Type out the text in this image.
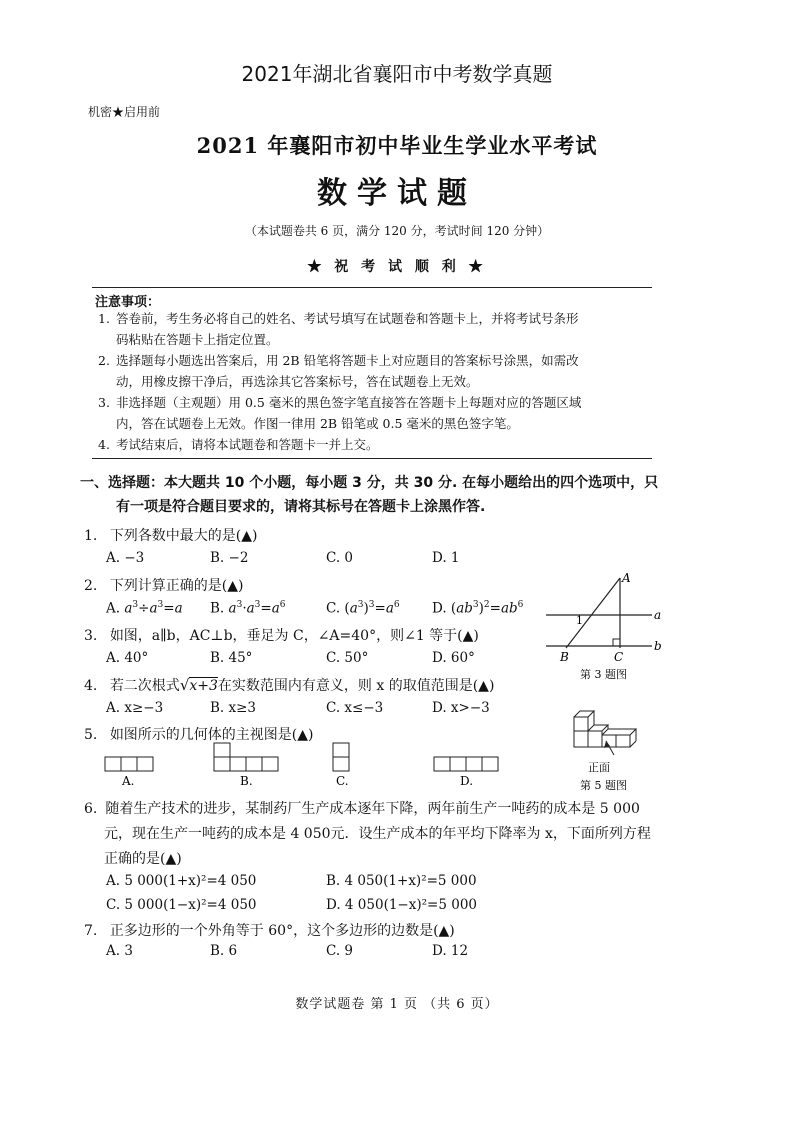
2021年湖北省襄阳市中考数学真题
机密★启用前
2021 年襄阳市初中毕业生学业水平考试
数学试题
（本试题卷共 6 页，满分 120 分，考试时间 120 分钟）
★ 祝 考 试 顺 利 ★
注意事项：
1. 答卷前，考生务必将自己的姓名、考试号填写在试题卷和答题卡上，并将考试号条形
码粘贴在答题卡上指定位置。
2. 选择题每小题选出答案后，用 2B 铅笔将答题卡上对应题目的答案标号涂黑，如需改
动，用橡皮擦干净后，再选涂其它答案标号，答在试题卷上无效。
3. 非选择题（主观题）用 0.5 毫米的黑色签字笔直接答在答题卡上每题对应的答题区域
内，答在试题卷上无效。作图一律用 2B 铅笔或 0.5 毫米的黑色签字笔。
4. 考试结束后，请将本试题卷和答题卡一并上交。
一、选择题：本大题共 10 个小题，每小题 3 分，共 30 分. 在每小题给出的四个选项中，只
有一项是符合题目要求的，请将其标号在答题卡上涂黑作答.
1. 下列各数中最大的是(▲)
A. −3	B. −2	C. 0	D. 1
2. 下列计算正确的是(▲)
A. $a^3\div a^3=a$ B. $a^3\cdot a^3=a^6$	C. $(a^3)^3=a^6$ D. $(ab^3)^2=ab^6$
3. 如图，a∥b，AC⊥b，垂足为 C，∠A=40°，则∠1 等于(▲)
A. 40°	B. 45°	C. 50°	D. 60°
A
B	C
a
b
1
第 3 题图
4. 若二次根式√x+3在实数范围内有意义，则 x 的取值范围是(▲)
A. x≥−3	B. x≥3	C. x≤−3	D. x>−3
5. 如图所示的几何体的主视图是(▲)
A.	B.	C.	D.
正面
第 5 题图
6. 随着生产技术的进步，某制药厂生产成本逐年下降，两年前生产一吨药的成本是 5 000
元，现在生产一吨药的成本是 4 050元．设生产成本的年平均下降率为 x，下面所列方程
正确的是(▲)
A. 5 000(1+x)²=4 050	B. 4 050(1+x)²=5 000
C. 5 000(1−x)²=4 050	D. 4 050(1−x)²=5 000
7. 正多边形的一个外角等于 60°，这个多边形的边数是(▲)
A. 3	B. 6	C. 9	D. 12
数学试题卷 第 1 页 （共 6 页）
